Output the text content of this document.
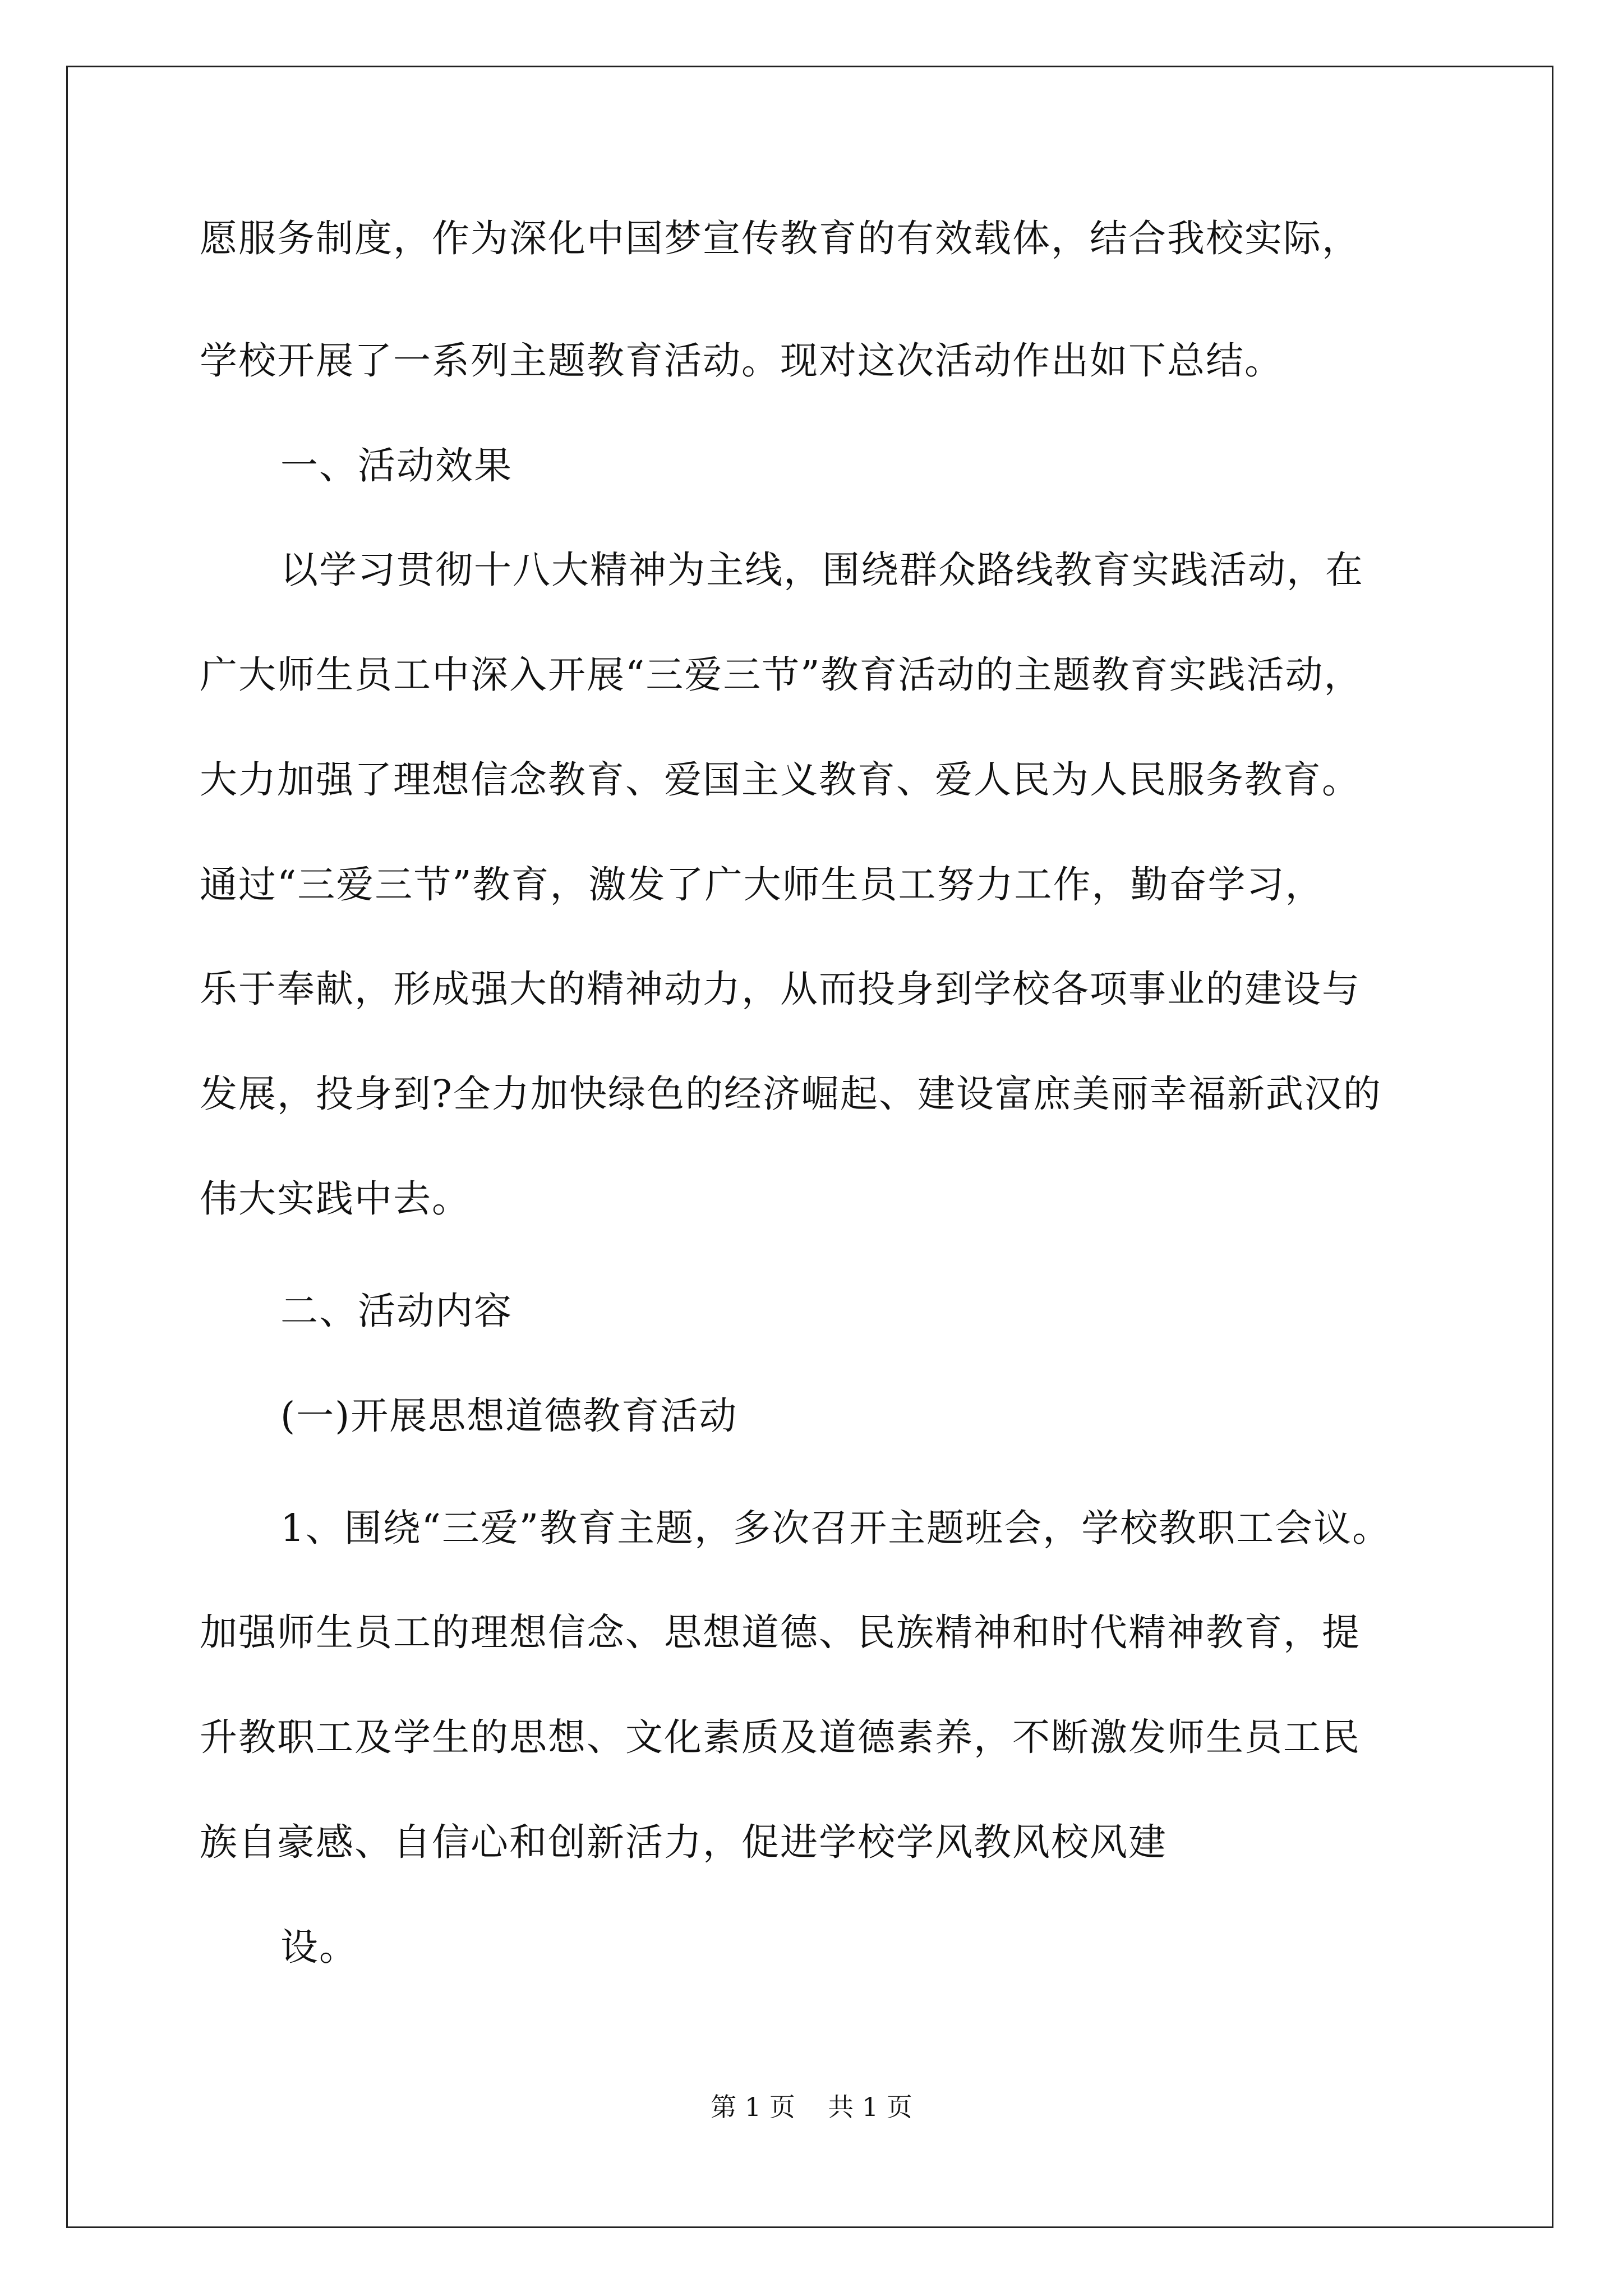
愿服务制度，作为深化中国梦宣传教育的有效载体，结合我校实际，
学校开展了一系列主题教育活动。现对这次活动作出如下总结。
一、活动效果
以学习贯彻十八大精神为主线，围绕群众路线教育实践活动，在
广大师生员工中深入开展“三爱三节”教育活动的主题教育实践活动，
大力加强了理想信念教育、爱国主义教育、爱人民为人民服务教育。
通过“三爱三节”教育，激发了广大师生员工努力工作，勤奋学习，
乐于奉献，形成强大的精神动力，从而投身到学校各项事业的建设与
发展，投身到?全力加快绿色的经济崛起、建设富庶美丽幸福新武汉的
伟大实践中去。
二、活动内容
(一)开展思想道德教育活动
1、围绕“三爱”教育主题，多次召开主题班会，学校教职工会议。
加强师生员工的理想信念、思想道德、民族精神和时代精神教育，提
升教职工及学生的思想、文化素质及道德素养，不断激发师生员工民
族自豪感、自信心和创新活力，促进学校学风教风校风建
设。
第 1 页    共 1 页
